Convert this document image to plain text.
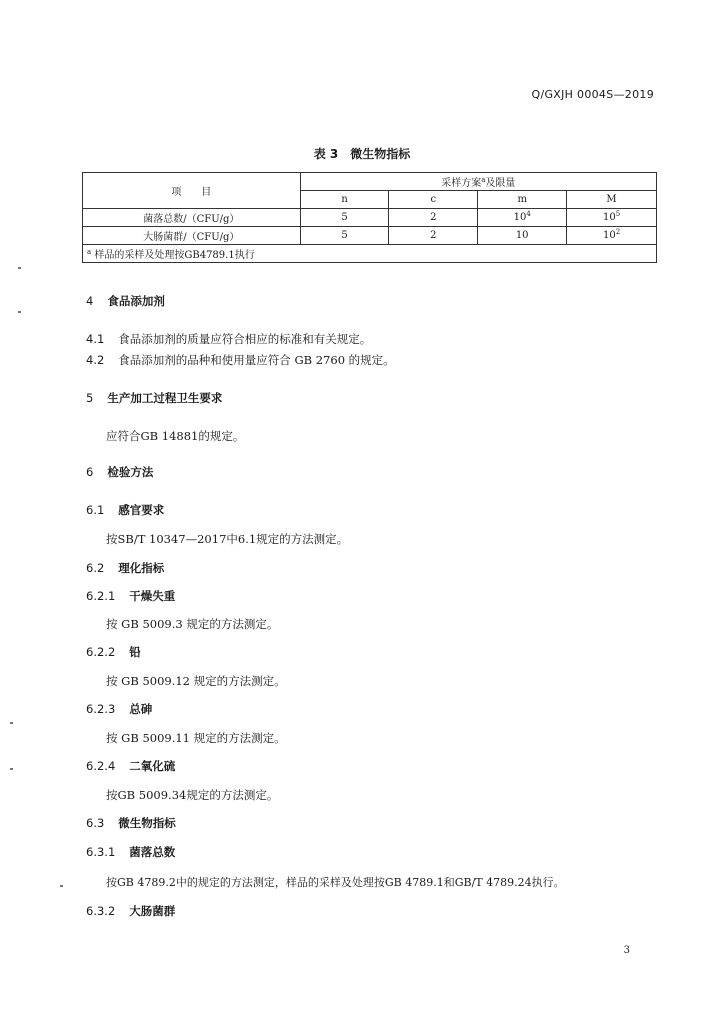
Q/GXJH 0004S—2019
表 3　微生物指标
项　　目	采样方案$^a$及限量			
	n	c	m	M
菌落总数/（CFU/g）	5	2	$10^4$	$10^5$
大肠菌群/（CFU/g）	5	2	10	$10^2$
$^a$ 样品的采样及处理按GB4789.1执行				
4 食品添加剂
4.1 食品添加剂的质量应符合相应的标准和有关规定。
4.2 食品添加剂的品种和使用量应符合 GB 2760 的规定。
5 生产加工过程卫生要求
应符合GB 14881的规定。
6 检验方法
6.1 感官要求
按SB/T 10347—2017中6.1规定的方法测定。
6.2 理化指标
6.2.1 干燥失重
按 GB 5009.3 规定的方法测定。
6.2.2 铅
按 GB 5009.12 规定的方法测定。
6.2.3 总砷
按 GB 5009.11 规定的方法测定。
6.2.4 二氧化硫
按GB 5009.34规定的方法测定。
6.3 微生物指标
6.3.1 菌落总数
按GB 4789.2中的规定的方法测定，样品的采样及处理按GB 4789.1和GB/T 4789.24执行。
6.3.2 大肠菌群
3
